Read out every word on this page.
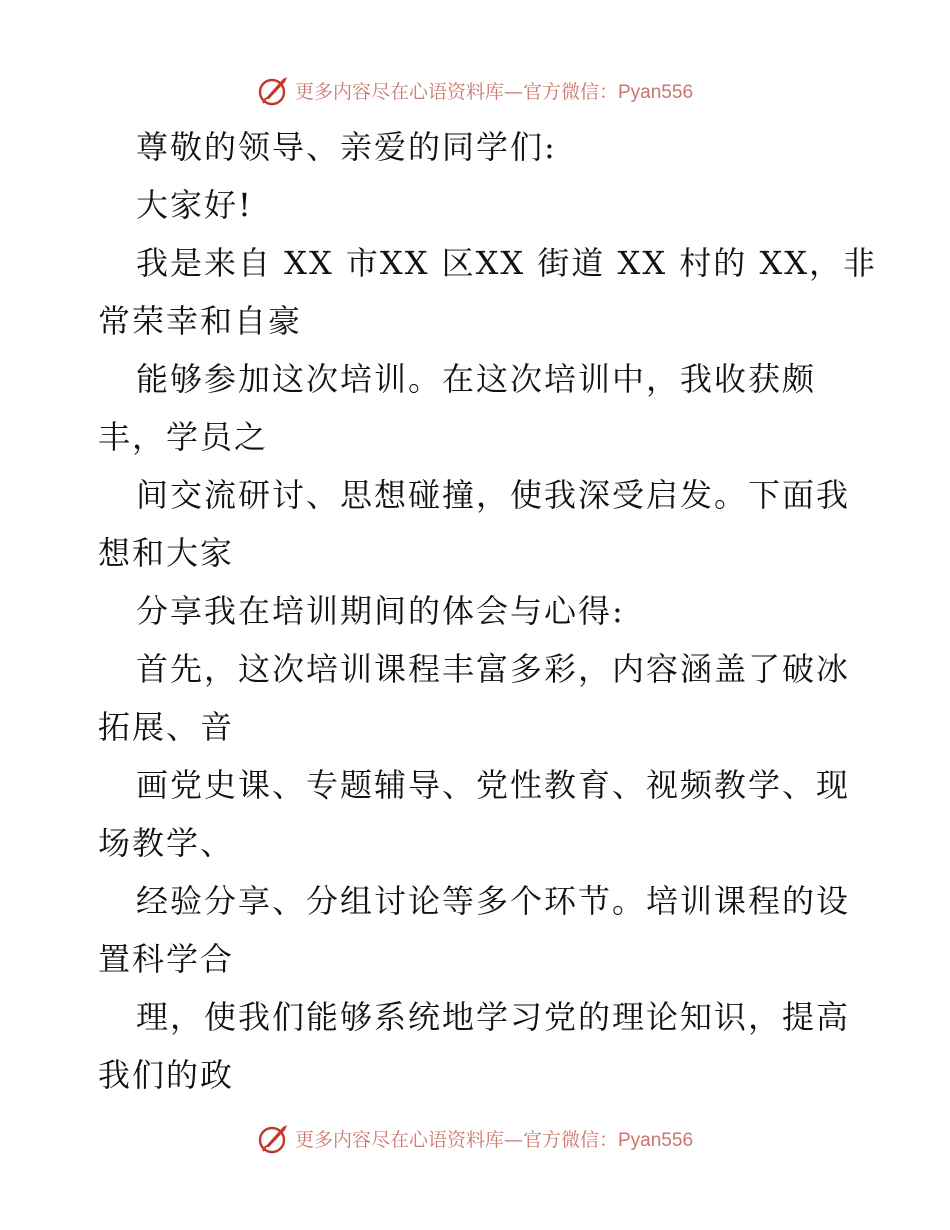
更多内容尽在心语资料库—官方微信：Pyan556
尊敬的领导、亲爱的同学们:
大家好!
我是来自 XX 市XX 区XX 街道 XX 村的 XX，非
常荣幸和自豪
能够参加这次培训。在这次培训中，我收获颇
丰，学员之
间交流研讨、思想碰撞，使我深受启发。下面我
想和大家
分享我在培训期间的体会与心得:
首先，这次培训课程丰富多彩，内容涵盖了破冰
拓展、音
画党史课、专题辅导、党性教育、视频教学、现
场教学、
经验分享、分组讨论等多个环节。培训课程的设
置科学合
理，使我们能够系统地学习党的理论知识，提高
我们的政
更多内容尽在心语资料库—官方微信：Pyan556
